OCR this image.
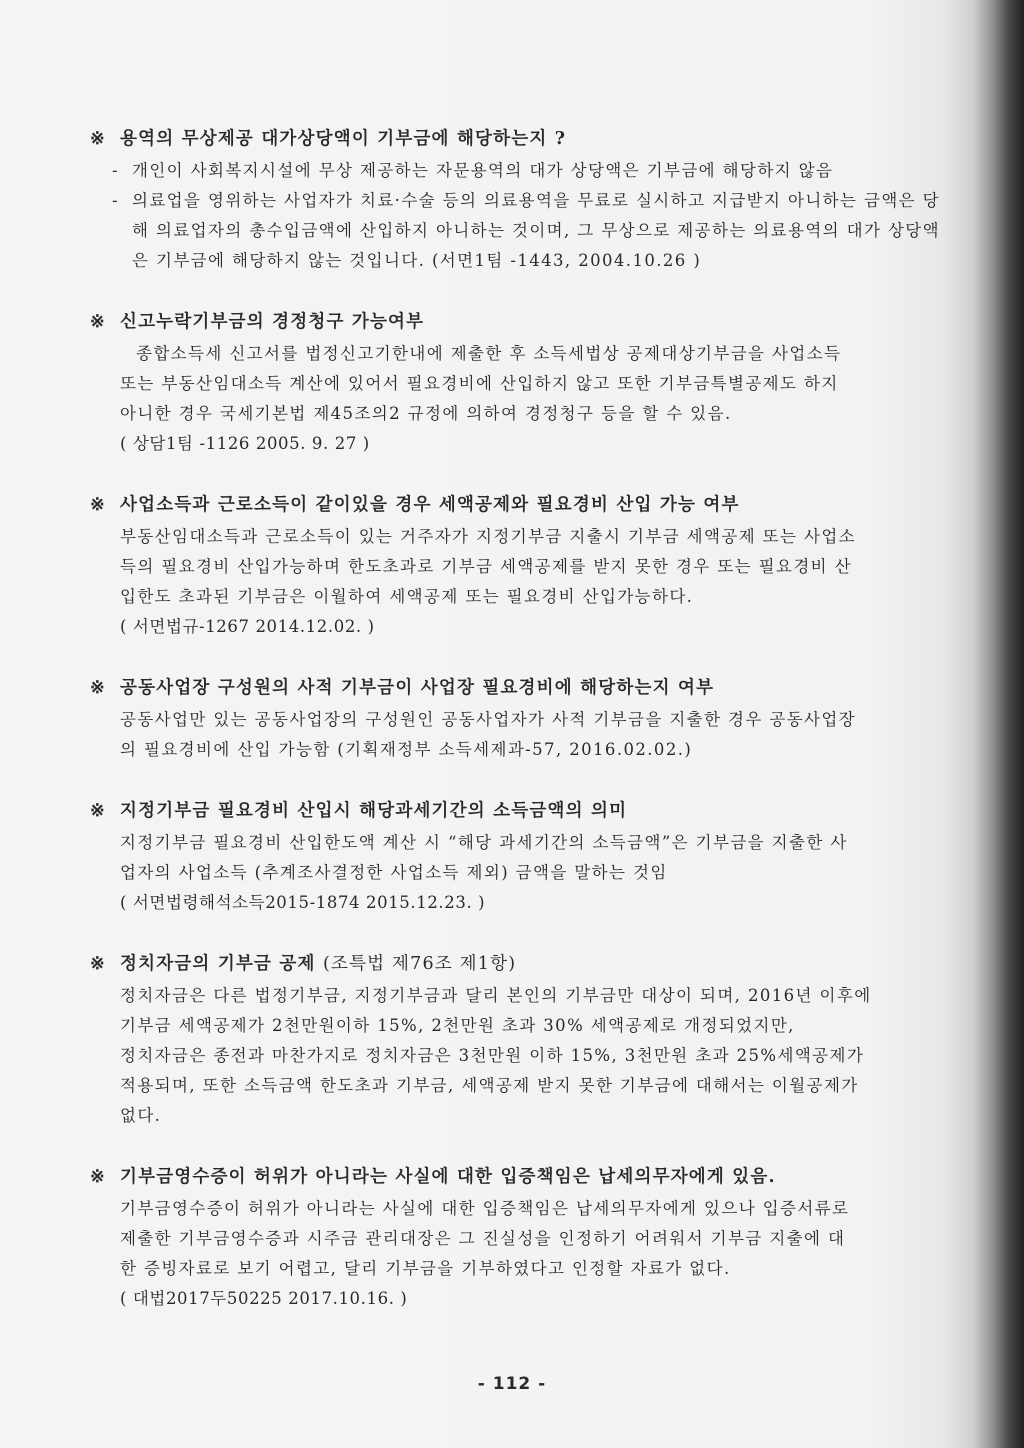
※ 용역의 무상제공 대가상당액이 기부금에 해당하는지 ?
- 개인이 사회복지시설에 무상 제공하는 자문용역의 대가 상당액은 기부금에 해당하지 않음
- 의료업을 영위하는 사업자가 치료·수술 등의 의료용역을 무료로 실시하고 지급받지 아니하는 금액은 당해 의료업자의 총수입금액에 산입하지 아니하는 것이며, 그 무상으로 제공하는 의료용역의 대가 상당액은 기부금에 해당하지 않는 것입니다. (서면1팀 -1443, 2004.10.26 )
※ 신고누락기부금의 경정청구 가능여부
종합소득세 신고서를 법정신고기한내에 제출한 후 소득세법상 공제대상기부금을 사업소득
또는 부동산임대소득 계산에 있어서 필요경비에 산입하지 않고 또한 기부금특별공제도 하지
아니한 경우 국세기본법 제45조의2 규정에 의하여 경정청구 등을 할 수 있음.
( 상담1팀 -1126 2005. 9. 27 )
※ 사업소득과 근로소득이 같이있을 경우 세액공제와 필요경비 산입 가능 여부
부동산임대소득과 근로소득이 있는 거주자가 지정기부금 지출시 기부금 세액공제 또는 사업소
득의 필요경비 산입가능하며 한도초과로 기부금 세액공제를 받지 못한 경우 또는 필요경비 산
입한도 초과된 기부금은 이월하여 세액공제 또는 필요경비 산입가능하다.
( 서면법규-1267 2014.12.02. )
※ 공동사업장 구성원의 사적 기부금이 사업장 필요경비에 해당하는지 여부
공동사업만 있는 공동사업장의 구성원인 공동사업자가 사적 기부금을 지출한 경우 공동사업장
의 필요경비에 산입 가능함 (기획재정부 소득세제과-57, 2016.02.02.)
※ 지정기부금 필요경비 산입시 해당과세기간의 소득금액의 의미
지정기부금 필요경비 산입한도액 계산 시 “해당 과세기간의 소득금액”은 기부금을 지출한 사
업자의 사업소득 (추계조사결정한 사업소득 제외) 금액을 말하는 것임
( 서면법령해석소득2015-1874 2015.12.23. )
※ 정치자금의 기부금 공제 (조특법 제76조 제1항)
정치자금은 다른 법정기부금, 지정기부금과 달리 본인의 기부금만 대상이 되며, 2016년 이후에
기부금 세액공제가 2천만원이하 15%, 2천만원 초과 30% 세액공제로 개정되었지만,
정치자금은 종전과 마찬가지로 정치자금은 3천만원 이하 15%, 3천만원 초과 25%세액공제가
적용되며, 또한 소득금액 한도초과 기부금, 세액공제 받지 못한 기부금에 대해서는 이월공제가
없다.
※ 기부금영수증이 허위가 아니라는 사실에 대한 입증책임은 납세의무자에게 있음.
기부금영수증이 허위가 아니라는 사실에 대한 입증책임은 납세의무자에게 있으나 입증서류로
제출한 기부금영수증과 시주금 관리대장은 그 진실성을 인정하기 어려워서 기부금 지출에 대
한 증빙자료로 보기 어렵고, 달리 기부금을 기부하였다고 인정할 자료가 없다.
( 대법2017두50225 2017.10.16. )
- 112 -
